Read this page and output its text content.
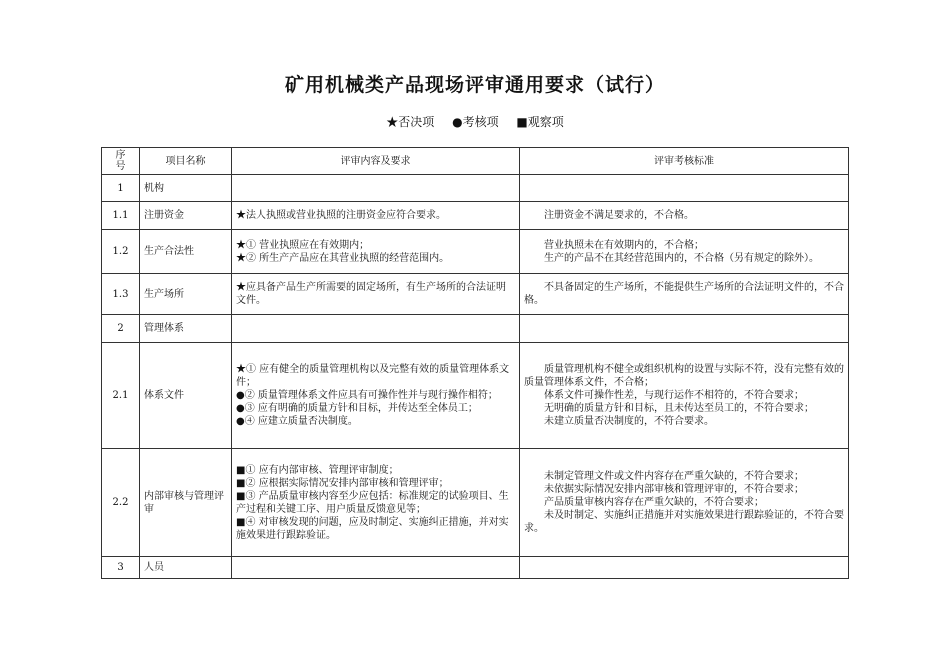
矿用机械类产品现场评审通用要求（试行）
★否决项 ●考核项 ■观察项
序
号	项目名称	评审内容及要求	评审考核标准
1	机构		
1.1	注册资金	★法人执照或营业执照的注册资金应符合要求。	注册资金不满足要求的，不合格。

1.2	生产合法性	★① 营业执照应在有效期内；
★② 所生产产品应在其营业执照的经营范围内。	营业执照未在有效期内的，不合格；
生产的产品不在其经营范围内的，不合格（另有规定的除外）。

1.3	生产场所	★应具备产品生产所需要的固定场所，有生产场所的合法证明文件。	不具备固定的生产场所，不能提供生产场所的合法证明文件的，不合格。

2	管理体系		
2.1	体系文件	★① 应有健全的质量管理机构以及完整有效的质量管理体系文件；
●② 质量管理体系文件应具有可操作性并与现行操作相符；
●③ 应有明确的质量方针和目标，并传达至全体员工；
●④ 应建立质量否决制度。	质量管理机构不健全或组织机构的设置与实际不符，没有完整有效的质量管理体系文件，不合格；
体系文件可操作性差，与现行运作不相符的，不符合要求；
无明确的质量方针和目标，且未传达至员工的，不符合要求；
未建立质量否决制度的，不符合要求。

2.2	内部审核与管理评审	■① 应有内部审核、管理评审制度；
■② 应根据实际情况安排内部审核和管理评审；
■③ 产品质量审核内容至少应包括：标准规定的试验项目、生产过程和关键工序、用户质量反馈意见等；
■④ 对审核发现的问题，应及时制定、实施纠正措施，并对实施效果进行跟踪验证。	未制定管理文件或文件内容存在严重欠缺的，不符合要求；
未依据实际情况安排内部审核和管理评审的，不符合要求；
产品质量审核内容存在严重欠缺的，不符合要求；
未及时制定、实施纠正措施并对实施效果进行跟踪验证的，不符合要求。

3	人员		
